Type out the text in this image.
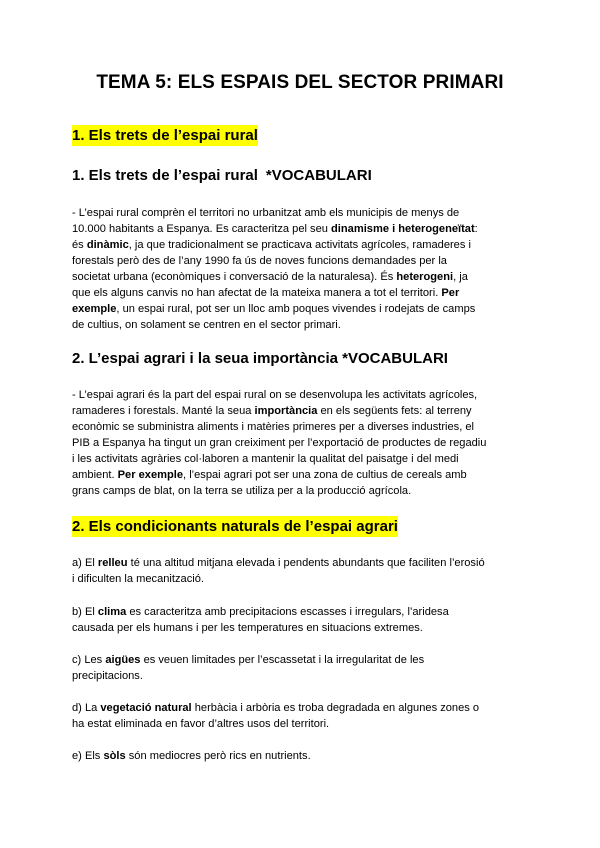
TEMA 5: ELS ESPAIS DEL SECTOR PRIMARI
1. Els trets de l’espai rural
1. Els trets de l’espai rural *VOCABULARI
- L’espai rural comprèn el territori no urbanitzat amb els municipis de menys de
10.000 habitants a Espanya. Es caracteritza pel seu dinamisme i heterogeneïtat:
és dinàmic, ja que tradicionalment se practicava activitats agrícoles, ramaderes i
forestals però des de l’any 1990 fa ús de noves funcions demandades per la
societat urbana (econòmiques i conversació de la naturalesa). És heterogeni, ja
que els alguns canvis no han afectat de la mateixa manera a tot el territori. Per
exemple, un espai rural, pot ser un lloc amb poques vivendes i rodejats de camps
de cultius, on solament se centren en el sector primari.
2. L’espai agrari i la seua importància *VOCABULARI
- L’espai agrari és la part del espai rural on se desenvolupa les activitats agrícoles,
ramaderes i forestals. Manté la seua importància en els següents fets: al terreny
econòmic se subministra aliments i matèries primeres per a diverses industries, el
PIB a Espanya ha tingut un gran creiximent per l’exportació de productes de regadiu
i les activitats agràries col·laboren a mantenir la qualitat del paisatge i del medi
ambient. Per exemple, l’espai agrari pot ser una zona de cultius de cereals amb
grans camps de blat, on la terra se utiliza per a la producció agrícola.
2. Els condicionants naturals de l’espai agrari
a) El relleu té una altitud mitjana elevada i pendents abundants que faciliten l’erosió
i dificulten la mecanització.
b) El clima es caracteritza amb precipitacions escasses i irregulars, l’aridesa
causada per els humans i per les temperatures en situacions extremes.
c) Les aigües es veuen limitades per l’escassetat i la irregularitat de les
precipitacions.
d) La vegetació natural herbàcia i arbòria es troba degradada en algunes zones o
ha estat eliminada en favor d’altres usos del territori.
e) Els sòls són mediocres però rics en nutrients.
